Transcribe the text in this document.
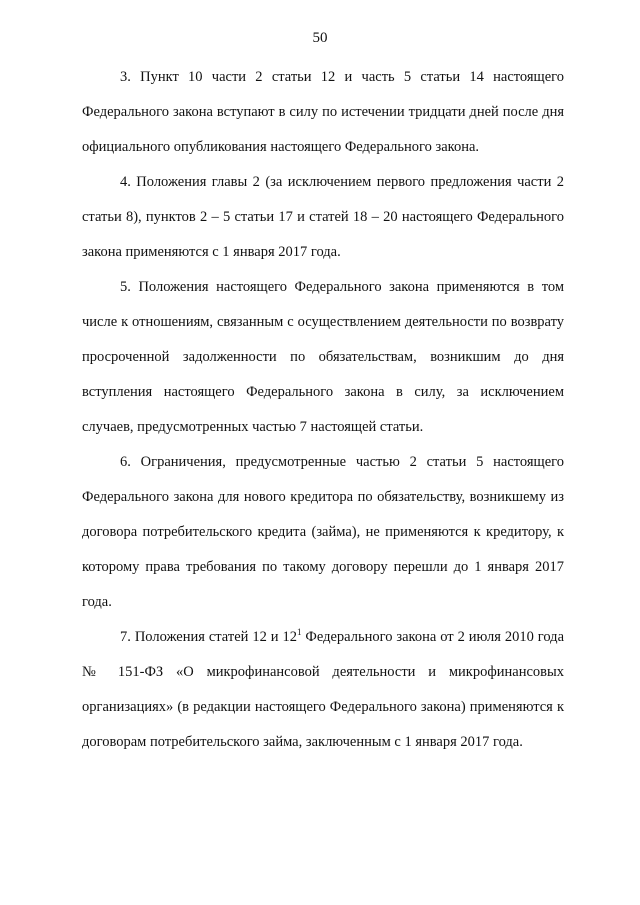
50

3. Пункт 10 части 2 статьи 12 и часть 5 статьи 14 настоящего Федерального закона вступают в силу по истечении тридцати дней после дня официального опубликования настоящего Федерального закона.

4. Положения главы 2 (за исключением первого предложения части 2 статьи 8), пунктов 2 – 5 статьи 17 и статей 18 – 20 настоящего Федерального закона применяются с 1 января 2017 года.

5. Положения настоящего Федерального закона применяются в том числе к отношениям, связанным с осуществлением деятельности по возврату просроченной задолженности по обязательствам, возникшим до дня вступления настоящего Федерального закона в силу, за исключением случаев, предусмотренных частью 7 настоящей статьи.

6. Ограничения, предусмотренные частью 2 статьи 5 настоящего Федерального закона для нового кредитора по обязательству, возникшему из договора потребительского кредита (займа), не применяются к кредитору, к которому права требования по такому договору перешли до 1 января 2017 года.

7. Положения статей 12 и $12^1$ Федерального закона от 2 июля 2010 года № 151-ФЗ «О микрофинансовой деятельности и микрофинансовых организациях» (в редакции настоящего Федерального закона) применяются к договорам потребительского займа, заключенным с 1 января 2017 года.
